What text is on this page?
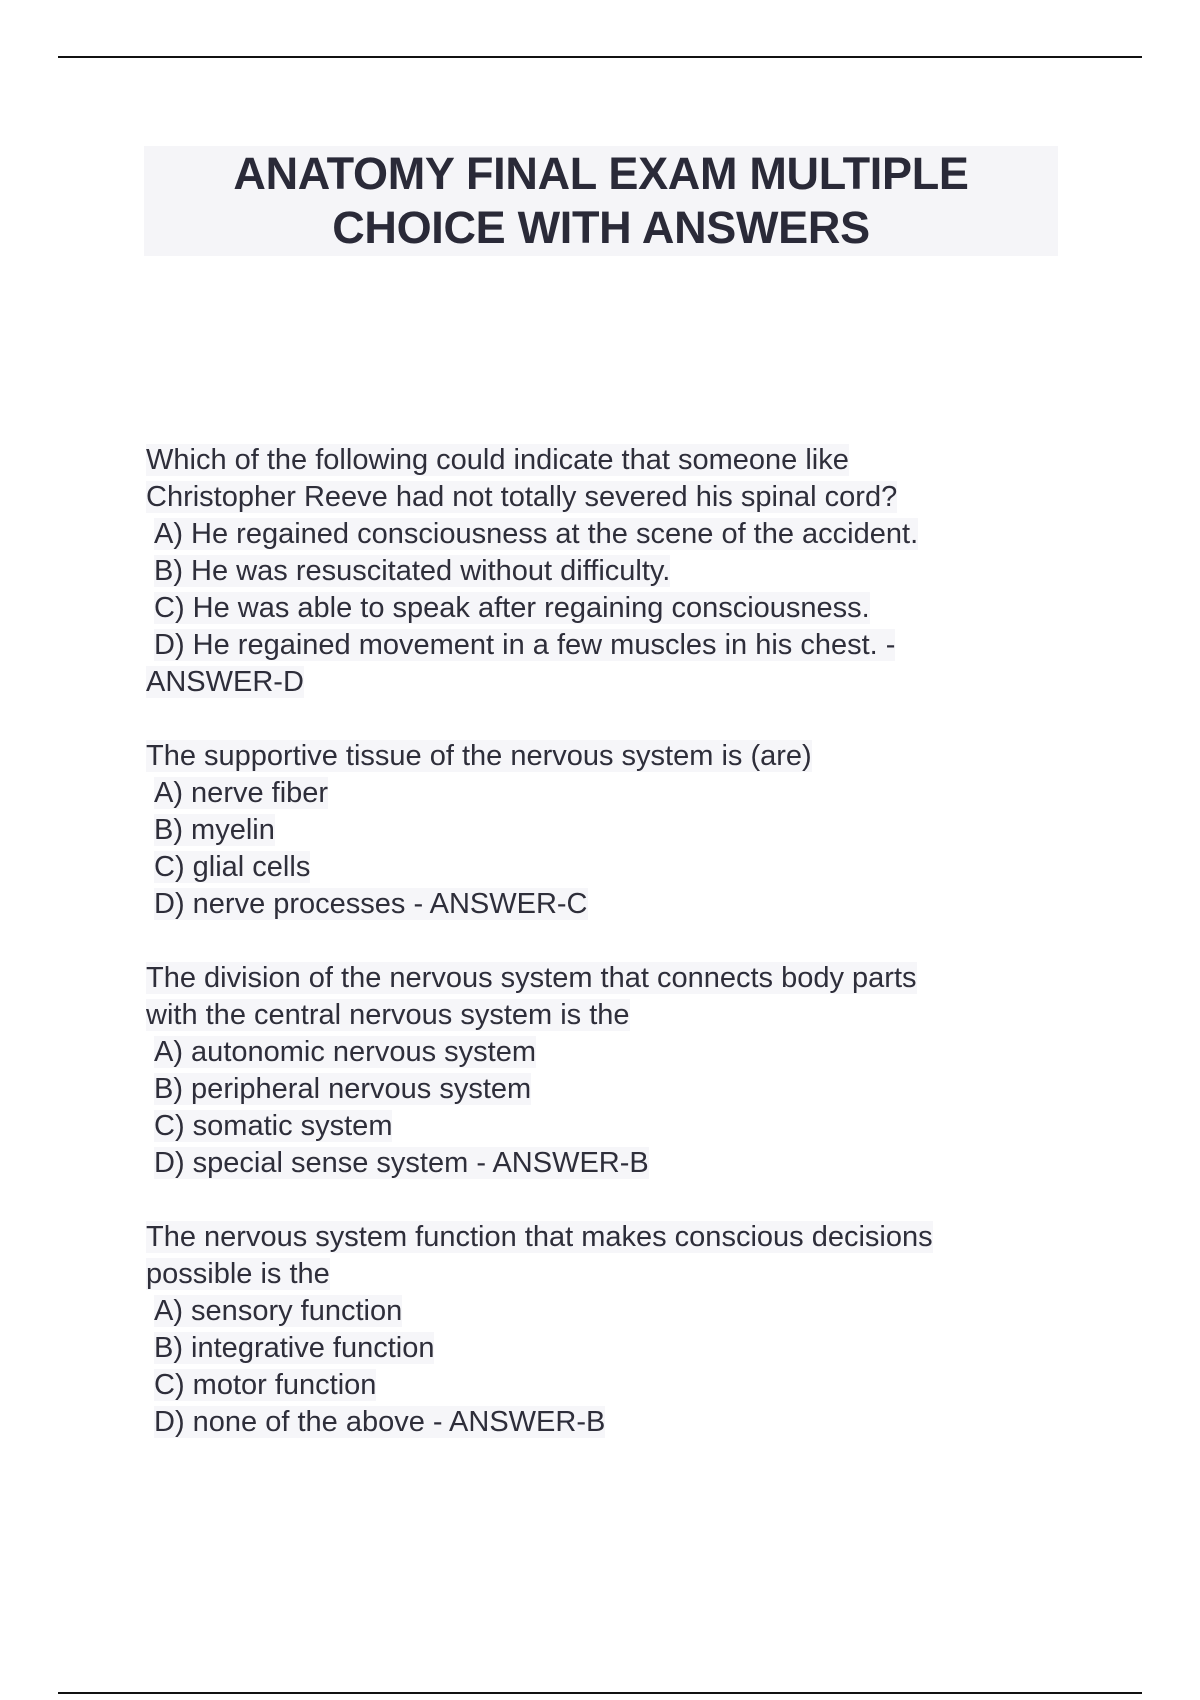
ANATOMY FINAL EXAM MULTIPLE
CHOICE WITH ANSWERS
Which of the following could indicate that someone like
Christopher Reeve had not totally severed his spinal cord?
A) He regained consciousness at the scene of the accident.
B) He was resuscitated without difficulty.
C) He was able to speak after regaining consciousness.
D) He regained movement in a few muscles in his chest. -
ANSWER-D
The supportive tissue of the nervous system is (are)
A) nerve fiber
B) myelin
C) glial cells
D) nerve processes - ANSWER-C
The division of the nervous system that connects body parts
with the central nervous system is the
A) autonomic nervous system
B) peripheral nervous system
C) somatic system
D) special sense system - ANSWER-B
The nervous system function that makes conscious decisions
possible is the
A) sensory function
B) integrative function
C) motor function
D) none of the above - ANSWER-B
